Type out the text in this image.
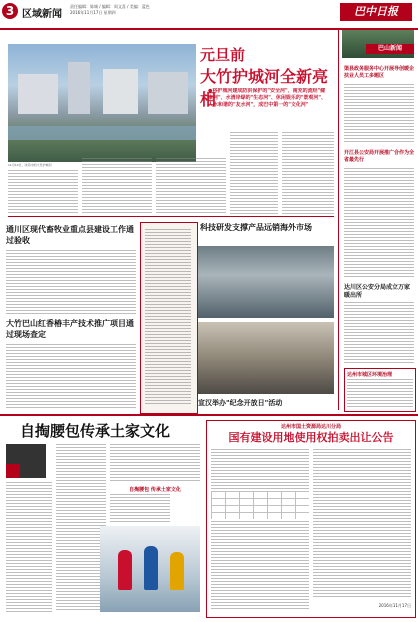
3 区域新闻
责任编辑：陈城 / 编辑：周文喜 / 美编：蓝色
2016年11月17日 星期四	巴中日报
元旦前
大竹护城河全新亮相
●将护城河建成防洪保护的"安全河"、南充的流经"健康河"、水清岸绿的"生态河"、休闲娱乐的"景观河"、人水和谐的"友水河"，成巴中第一的"文化河"
11月14日，改造中的大竹护城河
通川区现代畜牧业重点县建设工作通过验收
大竹巴山红香椿丰产技术推广项目通过现场查定
科技研发支撑产品远销海外市场
宣汉举办"纪念开放日"活动
巴山新闻
渠县政务服务中心开展导创暖企扶业人员工多题区
开江县公安局开展推广合作为全省最先行
达川区公安分局成立万家暖出所
达州市城区环境治理
自掏腰包传承土家文化
自掏腰包 传承土家文化
达州市国土资源局达川分局
国有建设用地使用权拍卖出让公告
2016年11月17日
